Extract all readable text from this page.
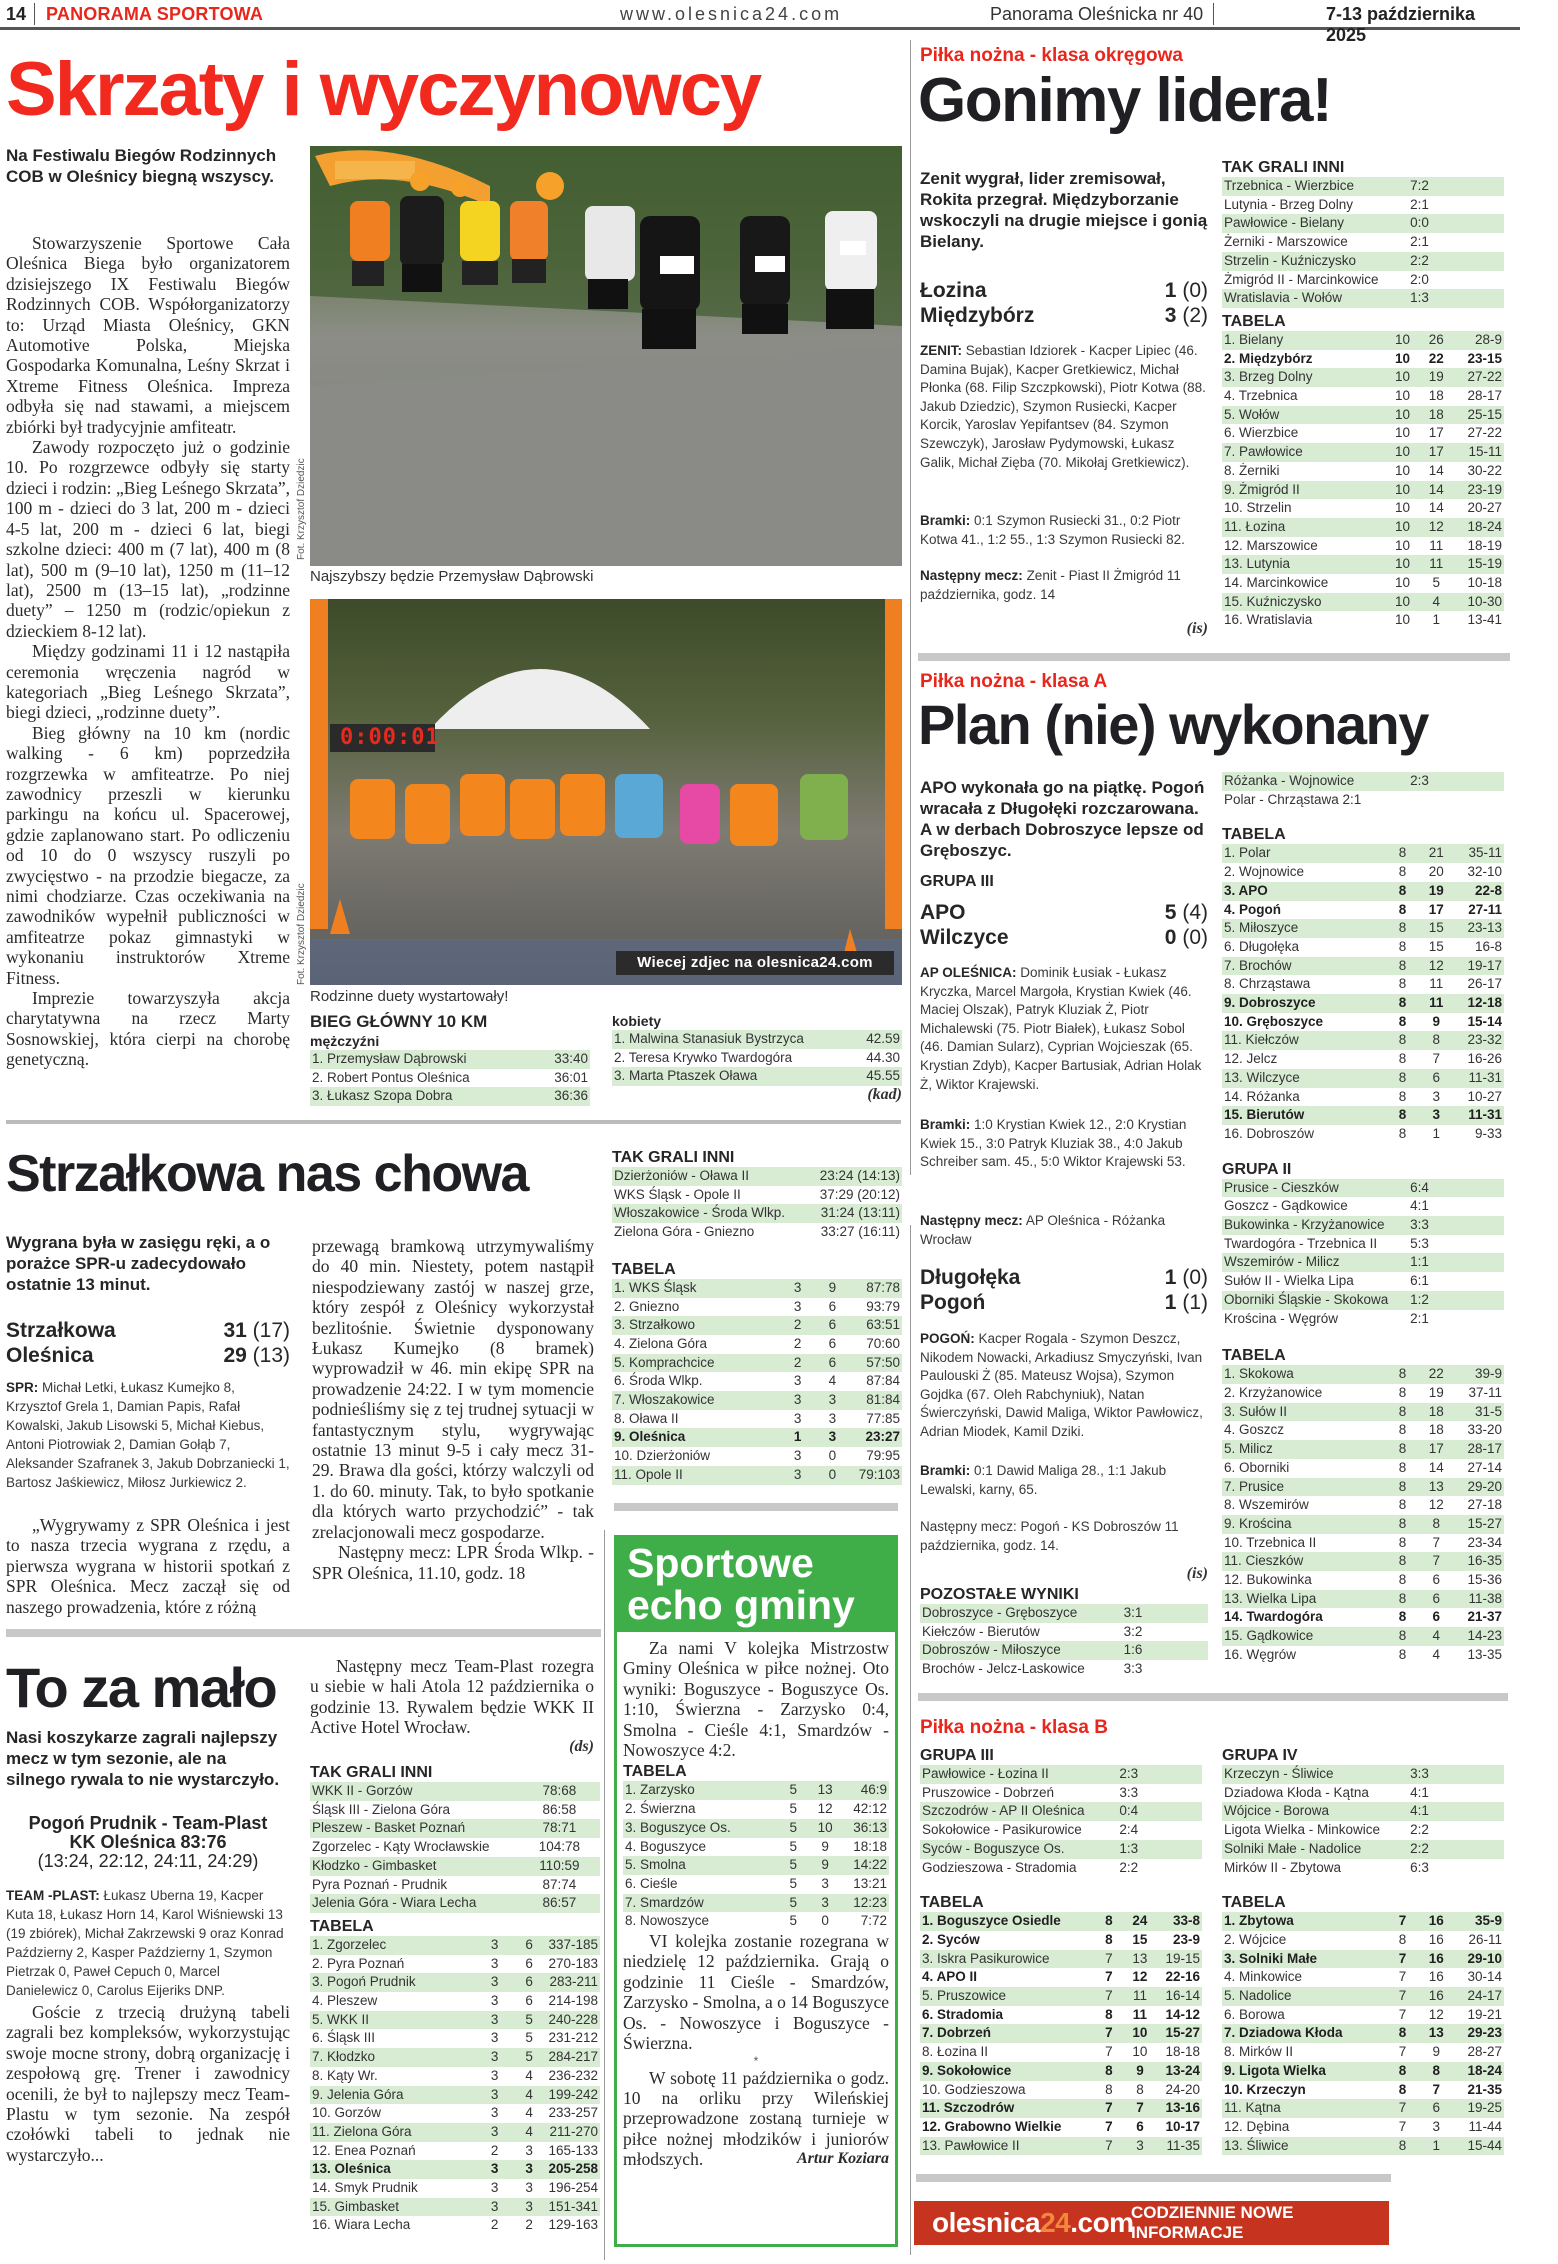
14 PANORAMA SPORTOWA	www.olesnica24.com	Panorama Oleśnicka nr 40	7-13 października 2025
Skrzaty i wyczynowcy
Na Festiwalu Biegów Rodzinnych COB w Oleśnicy biegną wszyscy.

Stowarzyszenie Sportowe Cała Oleśnica Biega było organizatorem dzisiejszego IX Festiwalu Biegów Rodzinnych COB. Współorganizatorzy to: Urząd Miasta Oleśnicy, GKN Automotive Polska, Miejska Gospodarka Komunalna, Leśny Skrzat i Xtreme Fitness Oleśnica. Impreza odbyła się nad stawami, a miejscem zbiórki był tradycyjnie amfiteatr.

Zawody rozpoczęto już o godzinie 10. Po rozgrzewce odbyły się starty dzieci i rodzin: „Bieg Leśnego Skrzata”, 100 m - dzieci do 3 lat, 200 m - dzieci 4-5 lat, 200 m - dzieci 6 lat, biegi szkolne dzieci: 400 m (7 lat), 400 m (8 lat), 500 m (9–10 lat), 1250 m (11–12 lat), 2500 m (13–15 lat), „rodzinne duety” – 1250 m (rodzic/opiekun z dzieckiem 8-12 lat).

Między godzinami 11 i 12 nastąpiła ceremonia wręczenia nagród w kategoriach „Bieg Leśnego Skrzata”, biegi dzieci, „rodzinne duety”.

Bieg główny na 10 km (nordic walking - 6 km) poprzedziła rozgrzewka w amfiteatrze. Po niej zawodnicy przeszli w kierunku parkingu na końcu ul. Spacerowej, gdzie zaplanowano start. Po odliczeniu od 10 do 0 wszyscy ruszyli po zwycięstwo - na przodzie biegacze, za nimi chodziarze. Czas oczekiwania na zawodników wypełnił publiczności w amfiteatrze pokaz gimnastyki w wykonaniu instruktorów Xtreme Fitness.

Imprezie towarzyszyła akcja charytatywna na rzecz Marty Sosnowskiej, która cierpi na chorobę genetyczną.

Fot. Krzysztof Dziedzic
Najszybszy będzie Przemysław Dąbrowski
0:00:01
Wiecej zdjec na olesnica24.com
Fot. Krzysztof Dziedzic
Rodzinne duety wystartowały!
BIEG GŁÓWNY 10 KM
mężczyźni
1. Przemysław Dąbrowski	33:40
2. Robert Pontus Oleśnica	36:01
3. Łukasz Szopa Dobra	36:36
kobiety
1. Malwina Stanasiuk Bystrzyca	42.59
2. Teresa Krywko Twardogóra	44.30
3. Marta Ptaszek Oława	45.55
(kad)
Strzałkowa nas chowa
Wygrana była w zasięgu ręki, a o porażce SPR-u zadecydowało ostatnie 13 minut.
Strzałkowa	31 (17)
Oleśnica	29 (13)
SPR: Michał Letki, Łukasz Kumejko 8, Krzysztof Grela 1, Damian Papis, Rafał Kowalski, Jakub Lisowski 5, Michał Kiebus, Antoni Piotrowiak 2, Damian Gołąb 7, Aleksander Szafranek 3, Jakub Dobrzaniecki 1, Bartosz Jaśkiewicz, Miłosz Jurkiewicz 2.

„Wygrywamy z SPR Oleśnica i jest to nasza trzecia wygrana z rzędu, a pierwsza wygrana w historii spotkań z SPR Oleśnica. Mecz zaczął się od naszego prowadzenia, które z różną

przewagą bramkową utrzymywaliśmy do 40 min. Niestety, potem nastąpił niespodziewany zastój w naszej grze, który zespół z Oleśnicy wykorzystał bezlitośnie. Świetnie dysponowany Łukasz Kumejko (8 bramek) wyprowadził w 46. min ekipę SPR na prowadzenie 24:22. I w tym momencie podnieśliśmy się z tej trudnej sytuacji w fantastycznym stylu, wygrywając ostatnie 13 minut 9-5 i cały mecz 31-29. Brawa dla gości, którzy walczyli od 1. do 60. minuty. Tak, to było spotkanie dla których warto przychodzić” - tak zrelacjonowali mecz gospodarze.

Następny mecz: LPR Środa Wlkp. - SPR Oleśnica, 11.10, godz. 18

TAK GRALI INNI
Dzierżoniów - Oława II	23:24 (14:13)
WKS Śląsk - Opole II	37:29 (20:12)
Włoszakowice - Środa Wlkp.	31:24 (13:11)
Zielona Góra - Gniezno	33:27 (16:11)
TABELA
1. WKS Śląsk	3	9	87:78
2. Gniezno	3	6	93:79
3. Strzałkowo	2	6	63:51
4. Zielona Góra	2	6	70:60
5. Komprachcice	2	6	57:50
6. Środa Wlkp.	3	4	87:84
7. Włoszakowice	3	3	81:84
8. Oława II	3	3	77:85
9. Oleśnica	1	3	23:27
10. Dzierżoniów	3	0	79:95
11. Opole II	3	0	79:103
To za mało
Nasi koszykarze zagrali najlepszy mecz w tym sezonie, ale na silnego rywala to nie wystarczyło.
Pogoń Prudnik - Team-Plast
KK Oleśnica 83:76
(13:24, 22:12, 24:11, 24:29)
TEAM -PLAST: Łukasz Uberna 19, Kacper Kuta 18, Łukasz Horn 14, Karol Wiśniewski 13 (19 zbiórek), Michał Zakrzewski 9 oraz Konrad Październy 2, Kasper Październy 1, Szymon Pietrzak 0, Paweł Cepuch 0, Marcel Danielewicz 0, Carolus Eijeriks DNP.

Goście z trzecią drużyną tabeli zagrali bez kompleksów, wykorzystując swoje mocne strony, dobrą organizację i zespołową grę. Trener i zawodnicy ocenili, że był to najlepszy mecz Team-Plastu w tym sezonie. Na zespół czołówki tabeli to jednak nie wystarczyło...

Następny mecz Team-Plast rozegra u siebie w hali Atola 12 października o godzinie 13. Rywalem będzie WKK II Active Hotel Wrocław.

(ds)
TAK GRALI INNI
WKK II - Gorzów	78:68
Śląsk III - Zielona Góra	86:58
Pleszew - Basket Poznań	78:71
Zgorzelec - Kąty Wrocławskie	104:78
Kłodzko - Gimbasket	110:59
Pyra Poznań - Prudnik	87:74
Jelenia Góra - Wiara Lecha	86:57
TABELA
1. Zgorzelec	3	6	337-185
2. Pyra Poznań	3	6	270-183
3. Pogoń Prudnik	3	6	283-211
4. Pleszew	3	6	214-198
5. WKK II	3	5	240-228
6. Śląsk III	3	5	231-212
7. Kłodzko	3	5	284-217
8. Kąty Wr.	3	4	236-232
9. Jelenia Góra	3	4	199-242
10. Gorzów	3	4	233-257
11. Zielona Góra	3	4	211-270
12. Enea Poznań	2	3	165-133
13. Oleśnica	3	3	205-258
14. Smyk Prudnik	3	3	196-254
15. Gimbasket	3	3	151-341
16. Wiara Lecha	2	2	129-163
Sportowe echo gminy

Za nami V kolejka Mistrzostw Gminy Oleśnica w piłce nożnej. Oto wyniki: Boguszyce - Boguszyce Os. 1:10, Świerzna - Zarzysko 0:4, Smolna - Cieśle 4:1, Smardzów - Nowoszyce 4:2.

TABELA
1. Zarzysko	5	13	46:9
2. Świerzna	5	12	42:12
3. Boguszyce Os.	5	10	36:13
4. Boguszyce	5	9	18:18
5. Smolna	5	9	14:22
6. Cieśle	5	3	13:21
7. Smardzów	5	3	12:23
8. Nowoszyce	5	0	7:72

VI kolejka zostanie rozegrana w niedzielę 12 października. Grają o godzinie 11 Cieśle - Smardzów, Zarzysko - Smolna, a o 14 Boguszyce Os. - Nowoszyce i Boguszyce - Świerzna.

*

W sobotę 11 października o godz. 10 na orliku przy Wileńskiej przeprowadzone zostaną turnieje w piłce nożnej młodzików i juniorów młodszych.	Artur Koziara
Piłka nożna - klasa okręgowa
Gonimy lidera!
Zenit wygrał, lider zremisował, Rokita przegrał. Międzyborzanie wskoczyli na drugie miejsce i gonią Bielany.
Łozina	1 (0)
Międzybórz	3 (2)
ZENIT: Sebastian Idziorek - Kacper Lipiec (46. Damina Bujak), Kacper Gretkiewicz, Michał Płonka (68. Filip Szczpkowski), Piotr Kotwa (88. Jakub Dziedzic), Szymon Rusiecki, Kacper Korcik, Yaroslav Yepifantsev (84. Szymon Szewczyk), Jarosław Pydymowski, Łukasz Galik, Michał Zięba (70. Mikołaj Gretkiewicz).
Bramki: 0:1 Szymon Rusiecki 31., 0:2 Piotr Kotwa 41., 1:2 55., 1:3 Szymon Rusiecki 82.
Następny mecz: Zenit - Piast II Żmigród 11 października, godz. 14
(is)
TAK GRALI INNI
Trzebnica - Wierzbice	7:2
Lutynia - Brzeg Dolny	2:1
Pawłowice - Bielany	0:0
Żerniki - Marszowice	2:1
Strzelin - Kuźniczysko	2:2
Żmigród II - Marcinkowice	2:0
Wratislavia - Wołów	1:3
TABELA
1. Bielany	10	26	28-9
2. Międzybórz	10	22	23-15
3. Brzeg Dolny	10	19	27-22
4. Trzebnica	10	18	28-17
5. Wołów	10	18	25-15
6. Wierzbice	10	17	27-22
7. Pawłowice	10	17	15-11
8. Żerniki	10	14	30-22
9. Żmigród II	10	14	23-19
10. Strzelin	10	14	20-27
11. Łozina	10	12	18-24
12. Marszowice	10	11	18-19
13. Lutynia	10	11	15-19
14. Marcinkowice	10	5	10-18
15. Kuźniczysko	10	4	10-30
16. Wratislavia	10	1	13-41
Piłka nożna - klasa A
Plan (nie) wykonany
APO wykonała go na piątkę. Pogoń wracała z Długołęki rozczarowana. A w derbach Dobroszyce lepsze od Gręboszyc.
GRUPA III
APO	5 (4)
Wilczyce	0 (0)
AP OLEŚNICA: Dominik Łusiak - Łukasz Kryczka, Marcel Margoła, Krystian Kwiek (46. Maciej Olszak), Patryk Kluziak Ż, Piotr Michalewski (75. Piotr Białek), Łukasz Sobol (46. Damian Sularz), Cyprian Wojcieszak (65. Krystian Zdyb), Kacper Bartusiak, Adrian Holak Ż, Wiktor Krajewski.
Bramki: 1:0 Krystian Kwiek 12., 2:0 Krystian Kwiek 15., 3:0 Patryk Kluziak 38., 4:0 Jakub Schreiber sam. 45., 5:0 Wiktor Krajewski 53.
Następny mecz: AP Oleśnica - Różanka Wrocław
Długołęka	1 (0)
Pogoń	1 (1)
POGOŃ: Kacper Rogala - Szymon Deszcz, Nikodem Nowacki, Arkadiusz Smyczyński, Ivan Paulouski Ż (85. Mateusz Wojsa), Szymon Gojdka (67. Oleh Rabchyniuk), Natan Świerczyński, Dawid Maliga, Wiktor Pawłowicz, Adrian Miodek, Kamil Dziki.
Bramki: 0:1 Dawid Maliga 28., 1:1 Jakub Lewalski, karny, 65.
Następny mecz: Pogoń - KS Dobroszów 11 października, godz. 14.
(is)
POZOSTAŁE WYNIKI
Dobroszyce - Gręboszyce	3:1
Kiełczów - Bierutów	3:2
Dobroszów - Miłoszyce	1:6
Brochów - Jelcz-Laskowice	3:3
Różanka - Wojnowice	2:3
Polar - Chrząstawa 2:1	
TABELA
1. Polar	8	21	35-11
2. Wojnowice	8	20	32-10
3. APO	8	19	22-8
4. Pogoń	8	17	27-11
5. Miłoszyce	8	15	23-13
6. Długołęka	8	15	16-8
7. Brochów	8	12	19-17
8. Chrząstawa	8	11	26-17
9. Dobroszyce	8	11	12-18
10. Gręboszyce	8	9	15-14
11. Kiełczów	8	8	23-32
12. Jelcz	8	7	16-26
13. Wilczyce	8	6	11-31
14. Różanka	8	3	10-27
15. Bierutów	8	3	11-31
16. Dobroszów	8	1	9-33
GRUPA II
Prusice - Cieszków	6:4
Goszcz - Gądkowice	4:1
Bukowinka - Krzyżanowice	3:3
Twardogóra - Trzebnica II	5:3
Wszemirów - Milicz	1:1
Sułów II - Wielka Lipa	6:1
Oborniki Śląskie - Skokowa	1:2
Krościna - Węgrów	2:1
TABELA
1. Skokowa	8	22	39-9
2. Krzyżanowice	8	19	37-11
3. Sułów II	8	18	31-5
4. Goszcz	8	18	33-20
5. Milicz	8	17	28-17
6. Oborniki	8	14	27-14
7. Prusice	8	13	29-20
8. Wszemirów	8	12	27-18
9. Krościna	8	8	15-27
10. Trzebnica II	8	7	23-34
11. Cieszków	8	7	16-35
12. Bukowinka	8	6	15-36
13. Wielka Lipa	8	6	11-38
14. Twardogóra	8	6	21-37
15. Gądkowice	8	4	14-23
16. Węgrów	8	4	13-35
Piłka nożna - klasa B
GRUPA III
Pawłowice - Łozina II	2:3
Pruszowice - Dobrzeń	3:3
Szczodrów - AP II Oleśnica	0:4
Sokołowice - Pasikurowice	2:4
Syców - Boguszyce Os.	1:3
Godzieszowa - Stradomia	2:2
TABELA
1. Boguszyce Osiedle	8	24	33-8
2. Syców	8	15	23-9
3. Iskra Pasikurowice	7	13	19-15
4. APO II	7	12	22-16
5. Pruszowice	7	11	16-14
6. Stradomia	8	11	14-12
7. Dobrzeń	7	10	15-27
8. Łozina II	7	10	18-18
9. Sokołowice	8	9	13-24
10. Godzieszowa	8	8	24-20
11. Szczodrów	7	7	13-16
12. Grabowno Wielkie	7	6	10-17
13. Pawłowice II	7	3	11-35
GRUPA IV
Krzeczyn - Śliwice	3:3
Dziadowa Kłoda - Kątna	4:1
Wójcice - Borowa	4:1
Ligota Wielka - Minkowice	2:2
Solniki Małe - Nadolice	2:2
Mirków II - Zbytowa	6:3
TABELA
1. Zbytowa	7	16	35-9
2. Wójcice	8	16	26-11
3. Solniki Małe	7	16	29-10
4. Minkowice	7	16	30-14
5. Nadolice	7	16	24-17
6. Borowa	7	12	19-21
7. Dziadowa Kłoda	8	13	29-23
8. Mirków II	7	9	28-27
9. Ligota Wielka	8	8	18-24
10. Krzeczyn	8	7	21-35
11. Kątna	7	6	19-25
12. Dębina	7	3	11-44
13. Śliwice	8	1	15-44
olesnica24.com
CODZIENNIE NOWE INFORMACJE
